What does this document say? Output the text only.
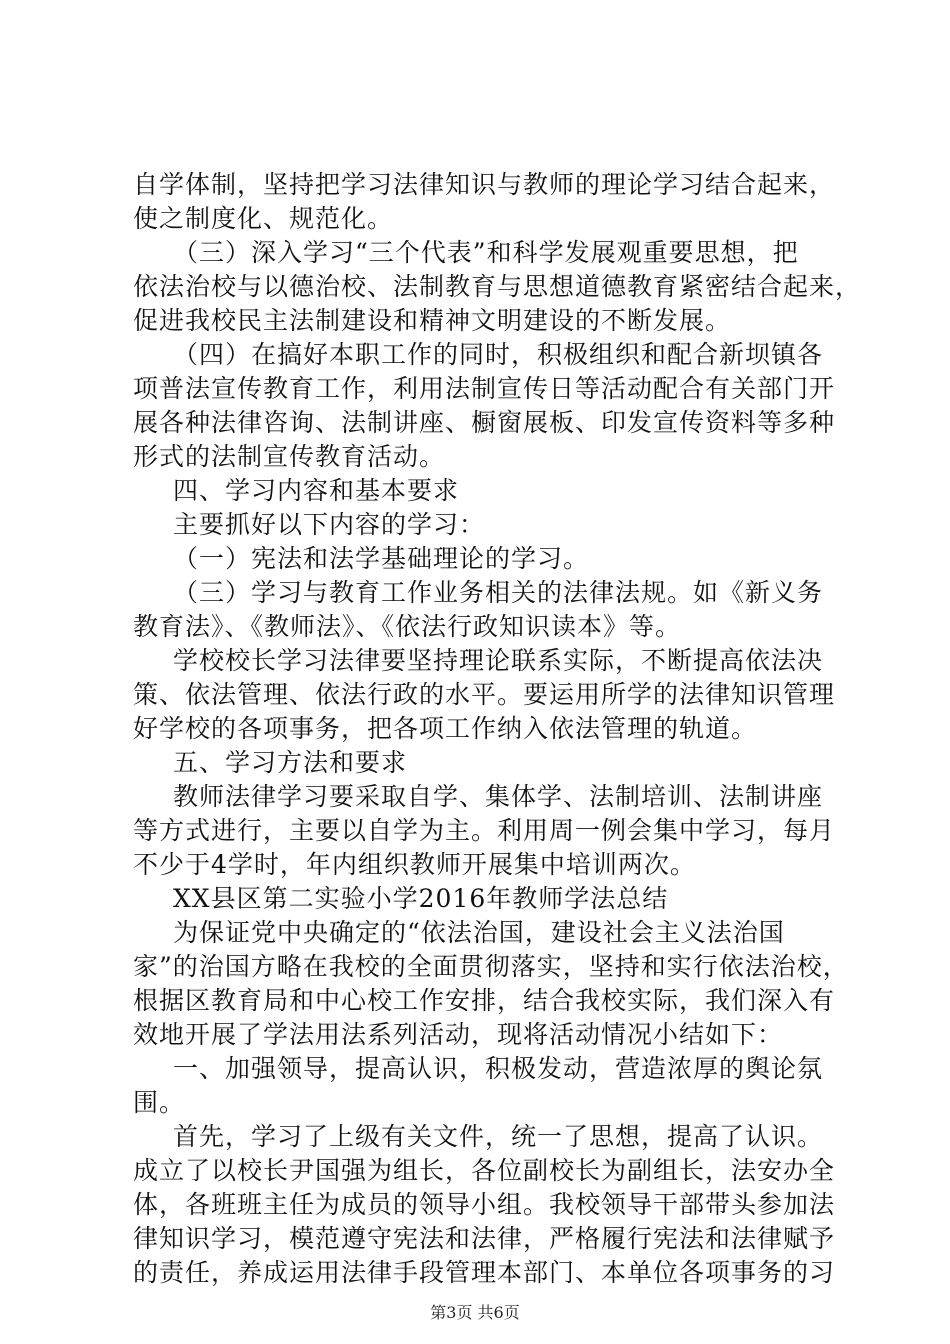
自学体制，坚持把学习法律知识与教师的理论学习结合起来，
使之制度化、规范化。
（三）深入学习“三个代表”和科学发展观重要思想，把
依法治校与以德治校、法制教育与思想道德教育紧密结合起来，
促进我校民主法制建设和精神文明建设的不断发展。
（四）在搞好本职工作的同时，积极组织和配合新坝镇各
项普法宣传教育工作，利用法制宣传日等活动配合有关部门开
展各种法律咨询、法制讲座、橱窗展板、印发宣传资料等多种
形式的法制宣传教育活动。
四、学习内容和基本要求
主要抓好以下内容的学习：
（一）宪法和法学基础理论的学习。
（三）学习与教育工作业务相关的法律法规。如《新义务
教育法》、《教师法》、《依法行政知识读本》等。
学校校长学习法律要坚持理论联系实际，不断提高依法决
策、依法管理、依法行政的水平。要运用所学的法律知识管理
好学校的各项事务，把各项工作纳入依法管理的轨道。
五、学习方法和要求
教师法律学习要采取自学、集体学、法制培训、法制讲座
等方式进行，主要以自学为主。利用周一例会集中学习，每月
不少于4学时，年内组织教师开展集中培训两次。
XX县区第二实验小学2016年教师学法总结
为保证党中央确定的“依法治国，建设社会主义法治国
家”的治国方略在我校的全面贯彻落实，坚持和实行依法治校，
根据区教育局和中心校工作安排，结合我校实际，我们深入有
效地开展了学法用法系列活动，现将活动情况小结如下：
一、加强领导，提高认识，积极发动，营造浓厚的舆论氛
围。
首先，学习了上级有关文件，统一了思想，提高了认识。
成立了以校长尹国强为组长，各位副校长为副组长，法安办全
体，各班班主任为成员的领导小组。我校领导干部带头参加法
律知识学习，模范遵守宪法和法律，严格履行宪法和法律赋予
的责任，养成运用法律手段管理本部门、本单位各项事务的习
第3页 共6页
